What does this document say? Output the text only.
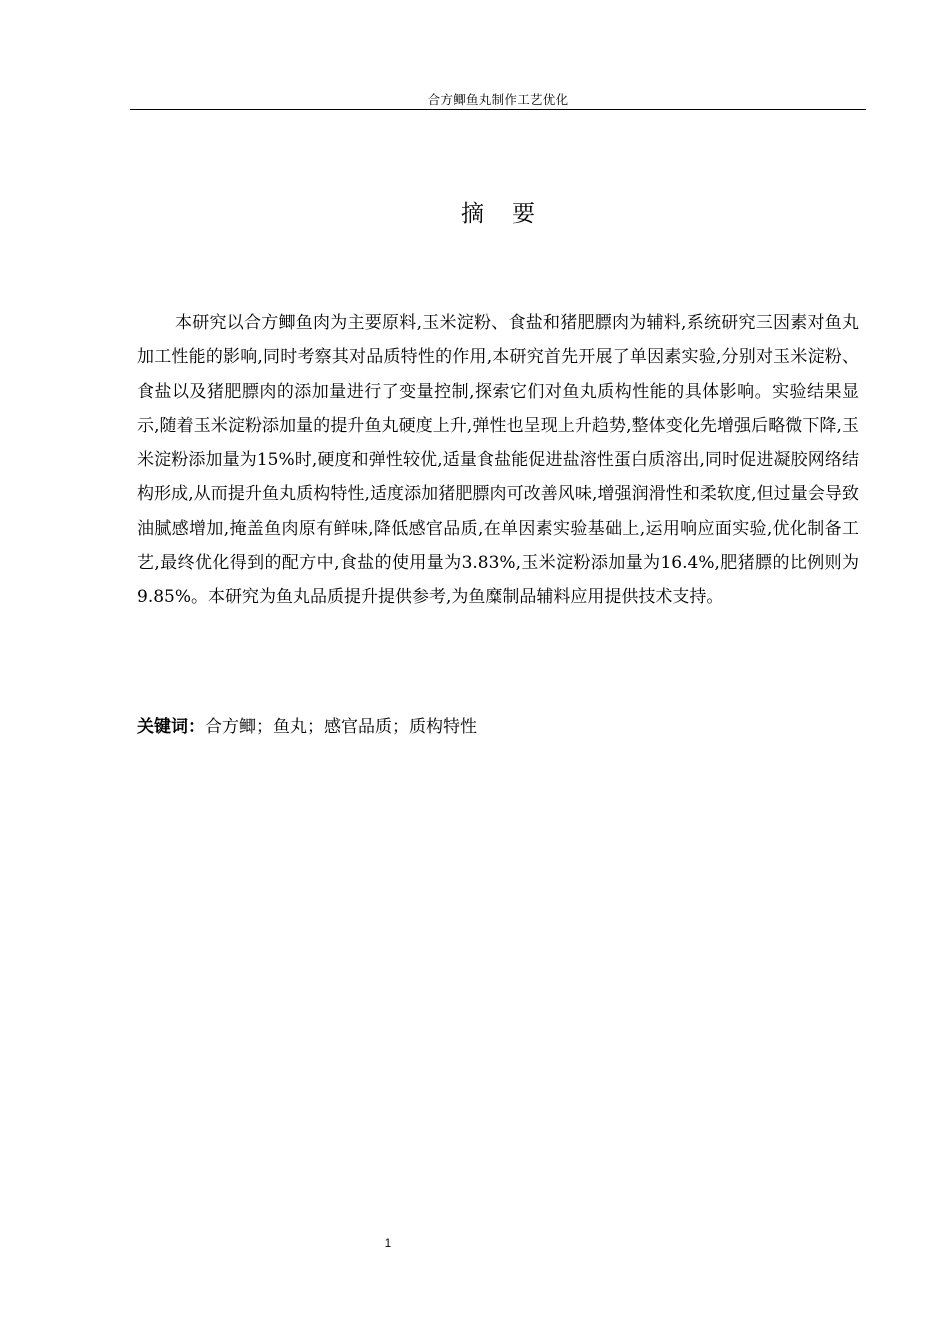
合方鲫鱼丸制作工艺优化
摘要

本研究以合方鲫鱼肉为主要原料,玉米淀粉、食盐和猪肥膘肉为辅料,系统研究三因素对鱼丸加工性能的影响,同时考察其对品质特性的作用,本研究首先开展了单因素实验,分别对玉米淀粉、食盐以及猪肥膘肉的添加量进行了变量控制,探索它们对鱼丸质构性能的具体影响。实验结果显示,随着玉米淀粉添加量的提升鱼丸硬度上升,弹性也呈现上升趋势,整体变化先增强后略微下降,玉米淀粉添加量为15%时,硬度和弹性较优,适量食盐能促进盐溶性蛋白质溶出,同时促进凝胶网络结构形成,从而提升鱼丸质构特性,适度添加猪肥膘肉可改善风味,增强润滑性和柔软度,但过量会导致油腻感增加,掩盖鱼肉原有鲜味,降低感官品质,在单因素实验基础上,运用响应面实验,优化制备工艺,最终优化得到的配方中,食盐的使用量为3.83%,玉米淀粉添加量为16.4%,肥猪膘的比例则为9.85%。本研究为鱼丸品质提升提供参考,为鱼糜制品辅料应用提供技术支持。

关键词：合方鲫；鱼丸；感官品质；质构特性

1
